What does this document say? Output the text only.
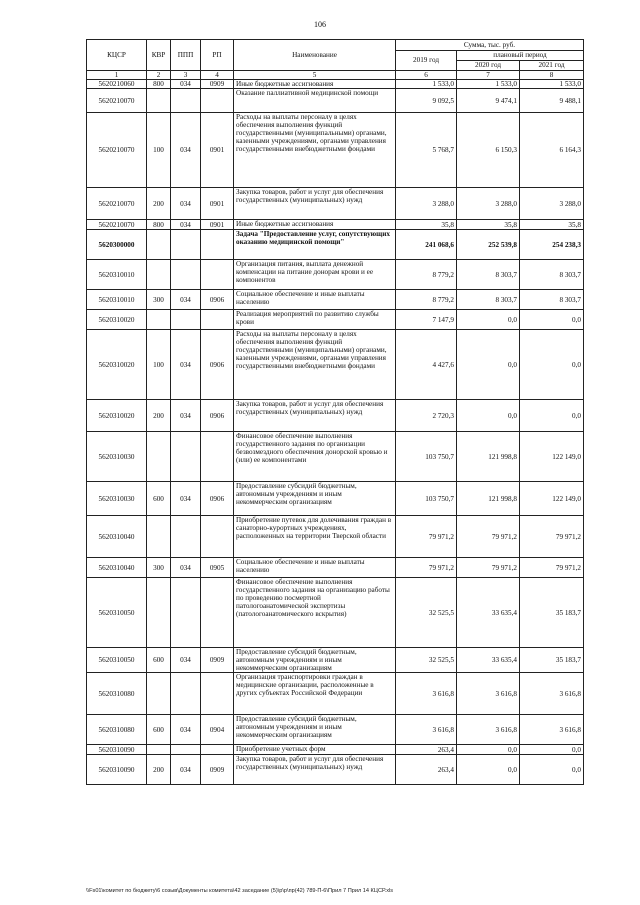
106
КЦСР	КВР	ППП	РП	Наименование	Сумма, тыс. руб.		
					2019 год	плановый период	
						2020 год	2021 год
1	2	3	4	5	6	7	8
5620210060	800	034	0909	Иные бюджетные ассигнования	1 533,0	1 533,0	1 533,0
5620210070				Оказание паллиативной медицинской помощи	9 092,5	9 474,1	9 488,1
5620210070	100	034	0901	Расходы на выплаты персоналу в целях обеспечения выполнения функций государственными (муниципальными) органами, казенными учреждениями, органами управления государственными внебюджетными фондами	5 768,7	6 150,3	6 164,3
5620210070	200	034	0901	Закупка товаров, работ и услуг для обеспечения государственных (муниципальных) нужд	3 288,0	3 288,0	3 288,0
5620210070	800	034	0901	Иные бюджетные ассигнования	35,8	35,8	35,8
5620300000				Задача "Предоставление услуг, сопутствующих оказанию медицинской помощи"	241 068,6	252 539,8	254 238,3
5620310010				Организация питания, выплата денежной компенсации на питание донорам крови и ее компонентов	8 779,2	8 303,7	8 303,7
5620310010	300	034	0906	Социальное обеспечение и иные выплаты населению	8 779,2	8 303,7	8 303,7
5620310020				Реализация мероприятий по развитию службы крови	7 147,9	0,0	0,0
5620310020	100	034	0906	Расходы на выплаты персоналу в целях обеспечения выполнения функций государственными (муниципальными) органами, казенными учреждениями, органами управления государственными внебюджетными фондами	4 427,6	0,0	0,0
5620310020	200	034	0906	Закупка товаров, работ и услуг для обеспечения государственных (муниципальных) нужд	2 720,3	0,0	0,0
5620310030				Финансовое обеспечение выполнения государственного задания по организации безвозмездного обеспечения донорской кровью и (или) ее компонентами	103 750,7	121 998,8	122 149,0
5620310030	600	034	0906	Предоставление субсидий бюджетным, автономным учреждениям и иным некоммерческим организациям	103 750,7	121 998,8	122 149,0
5620310040				Приобретение путевок для долечивания граждан в санаторно-курортных учреждениях, расположенных на территории Тверской области	79 971,2	79 971,2	79 971,2
5620310040	300	034	0905	Социальное обеспечение и иные выплаты населению	79 971,2	79 971,2	79 971,2
5620310050				Финансовое обеспечение выполнения государственного задания на организацию работы по проведению посмертной патологоанатомической экспертизы (патологоанатомического вскрытия)	32 525,5	33 635,4	35 183,7
5620310050	600	034	0909	Предоставление субсидий бюджетным, автономным учреждениям и иным некоммерческим организациям	32 525,5	33 635,4	35 183,7
5620310080				Организация транспортировки граждан в медицинские организации, расположенные в других субъектах Российской Федерации	3 616,8	3 616,8	3 616,8
5620310080	600	034	0904	Предоставление субсидий бюджетным, автономным учреждениям и иным некоммерческим организациям	3 616,8	3 616,8	3 616,8
5620310090				Приобретение учетных форм	263,4	0,0	0,0
5620310090	200	034	0909	Закупка товаров, работ и услуг для обеспечения государственных (муниципальных) нужд	263,4	0,0	0,0
\\Fs01\комитет по бюджету\6 созыв\Документы комитета\42 заседание (5)\р\р\пр(42) 789-П-6\Прил 7 Прил 14 КЦСР.xls
